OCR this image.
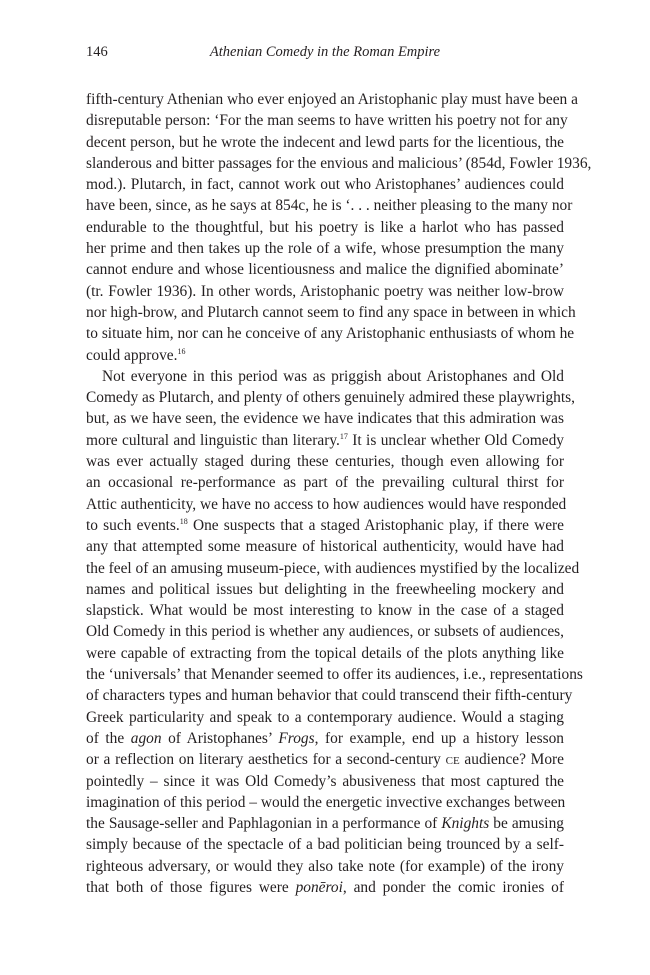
146	Athenian Comedy in the Roman Empire
fifth-century Athenian who ever enjoyed an Aristophanic play must have been a
disreputable person: ‘For the man seems to have written his poetry not for any
decent person, but he wrote the indecent and lewd parts for the licentious, the
slanderous and bitter passages for the envious and malicious’ (854d, Fowler 1936,
mod.). Plutarch, in fact, cannot work out who Aristophanes’ audiences could
have been, since, as he says at 854c, he is ‘. . . neither pleasing to the many nor
endurable to the thoughtful, but his poetry is like a harlot who has passed
her prime and then takes up the role of a wife, whose presumption the many
cannot endure and whose licentiousness and malice the dignified abominate’
(tr. Fowler 1936). In other words, Aristophanic poetry was neither low-brow
nor high-brow, and Plutarch cannot seem to find any space in between in which
to situate him, nor can he conceive of any Aristophanic enthusiasts of whom he
could approve.$^{16}$
Not everyone in this period was as priggish about Aristophanes and Old
Comedy as Plutarch, and plenty of others genuinely admired these playwrights,
but, as we have seen, the evidence we have indicates that this admiration was
more cultural and linguistic than literary.$^{17}$ It is unclear whether Old Comedy
was ever actually staged during these centuries, though even allowing for
an occasional re-performance as part of the prevailing cultural thirst for
Attic authenticity, we have no access to how audiences would have responded
to such events.$^{18}$ One suspects that a staged Aristophanic play, if there were
any that attempted some measure of historical authenticity, would have had
the feel of an amusing museum-piece, with audiences mystified by the localized
names and political issues but delighting in the freewheeling mockery and
slapstick. What would be most interesting to know in the case of a staged
Old Comedy in this period is whether any audiences, or subsets of audiences,
were capable of extracting from the topical details of the plots anything like
the ‘universals’ that Menander seemed to offer its audiences, i.e., representations
of characters types and human behavior that could transcend their fifth-century
Greek particularity and speak to a contemporary audience. Would a staging
of the agon of Aristophanes’ Frogs, for example, end up a history lesson
or a reflection on literary aesthetics for a second-century ce audience? More
pointedly – since it was Old Comedy’s abusiveness that most captured the
imagination of this period – would the energetic invective exchanges between
the Sausage-seller and Paphlagonian in a performance of Knights be amusing
simply because of the spectacle of a bad politician being trounced by a self-
righteous adversary, or would they also take note (for example) of the irony
that both of those figures were ponēroi, and ponder the comic ironies of
